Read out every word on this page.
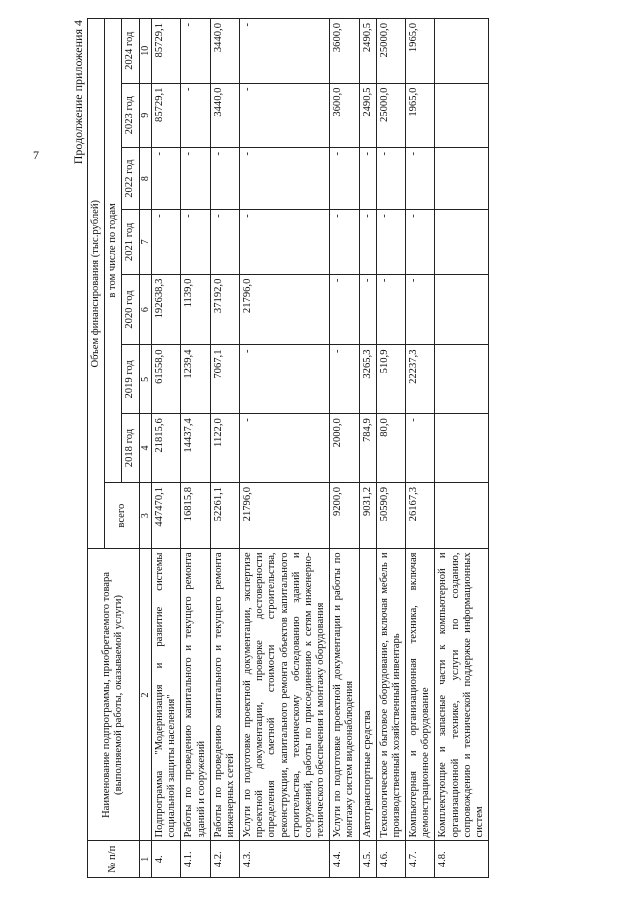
7	Продолжение приложения 4
№ п/п	Наименование подпрограммы, приобретаемого товара (выполняемой работы, оказываемой услуги)	Объем финансирования (тыс.рублей)							
		всего	в том числе по годам						
			2018 год	2019 год	2020 год	2021 год	2022 год	2023 год	2024 год
1	2	3	4	5	6	7	8	9	10
4.	Подпрограмма "Модернизация и развитие системы социальной защиты населения"	447470,1	21815,6	61558,0	192638,3	-	-	85729,1	85729,1
4.1.	Работы по проведению капитального и текущего ремонта зданий и сооружений	16815,8	14437,4	1239,4	1139,0	-	-	-	-
4.2.	Работы по проведению капитального и текущего ремонта инженерных сетей	52261,1	1122,0	7067,1	37192,0	-	-	3440,0	3440,0
4.3.	Услуги по подготовке проектной документации, экспертизе проектной документации, проверке достоверности определения сметной стоимости строительства, реконструкции, капитального ремонта объектов капитального строительства, техническому обследованию зданий и сооружений, работы по присоединению к сетям инженерно-технического обеспечения и монтажу оборудования	21796,0	-	-	21796,0	-	-	-	-
4.4.	Услуги по подготовке проектной документации и работы по монтажу систем видеонаблюдения	9200,0	2000,0	-	-	-	-	3600,0	3600,0
4.5.	Автотранспортные средства	9031,2	784,9	3265,3	-	-	-	2490,5	2490,5
4.6.	Технологическое и бытовое оборудование, включая мебель и производственный хозяйственный инвентарь	50590,9	80,0	510,9	-	-	-	25000,0	25000,0
4.7.	Компьютерная и организационная техника, включая демонстрационное оборудование	26167,3	-	22237,3	-	-	-	1965,0	1965,0
4.8.	Комплектующие и запасные части к компьютерной и организационной технике, услуги по созданию, сопровождению и технической поддержке информационных систем								
